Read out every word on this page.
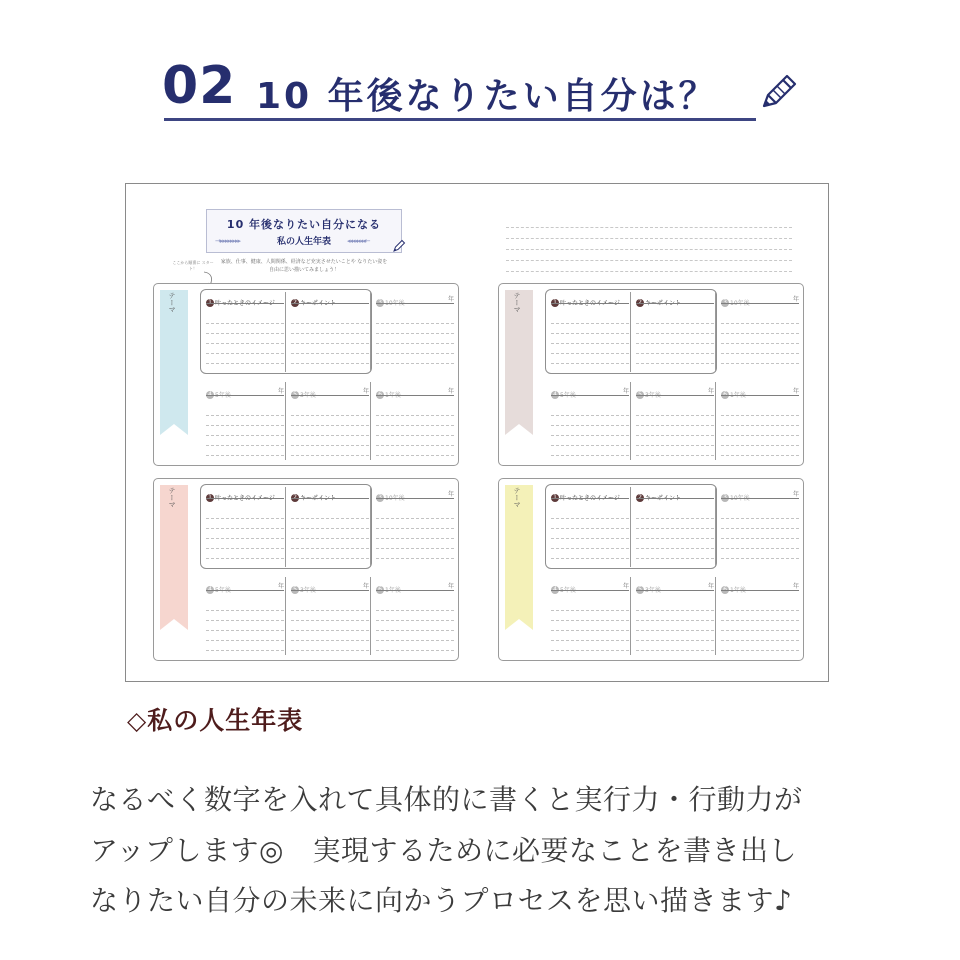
02 10 年後なりたい自分は？
10 年後なりたい自分になる
→▸▸▸▸▸▸▸▸	私の人生年表	◂◂◂◂◂◂◂←
家族、仕事、健康、人間関係、経済など充実させたいことや なりたい姿を自由に思い描いてみましょう！
ここから順番に スタート！
テーマ	1 叶ったときのイメージ	2 キーポイント	3 10年後
年
4 5年後
年	5 3年後
年	6 1年後
年
テーマ	1 叶ったときのイメージ	2 キーポイント	3 10年後
年
4 5年後
年	5 3年後
年	6 1年後
年
テーマ	1 叶ったときのイメージ	2 キーポイント	3 10年後
年
4 5年後
年	5 3年後
年	6 1年後
年
テーマ	1 叶ったときのイメージ	2 キーポイント	3 10年後
年
4 5年後
年	5 3年後
年	6 1年後
年
◇私の人生年表
なるべく数字を入れて具体的に書くと実行力・行動力が
アップします◎　実現するために必要なことを書き出し
なりたい自分の未来に向かうプロセスを思い描きます♪
